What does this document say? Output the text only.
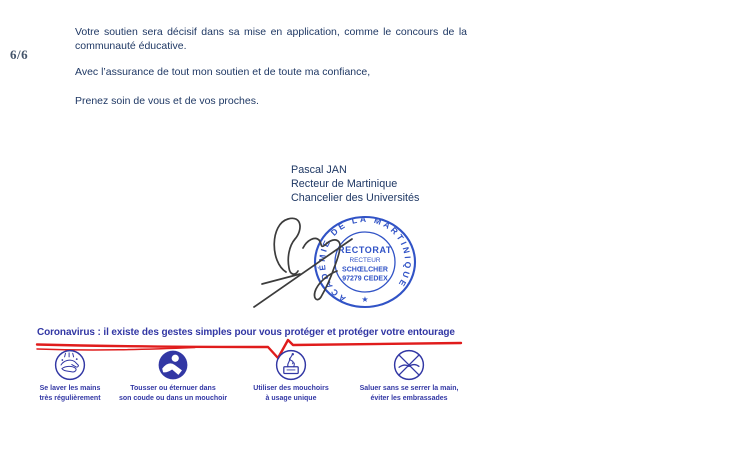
6/6
Votre soutien sera décisif dans sa mise en application, comme le concours de la
communauté éducative.
Avec l’assurance de tout mon soutien et de toute ma confiance,
Prenez soin de vous et de vos proches.
Pascal JAN
Recteur de Martinique
Chancelier des Universités
ACADÉMIE DE LA MARTINIQUE
RECTORAT
RECTEUR
SCHŒLCHER
97279 CEDEX
★
Coronavirus : il existe des gestes simples pour vous protéger et protéger votre entourage
Se laver les mains
très régulièrement
Tousser ou éternuer dans
son coude ou dans un mouchoir
Utiliser des mouchoirs
à usage unique
Saluer sans se serrer la main,
éviter les embrassades
